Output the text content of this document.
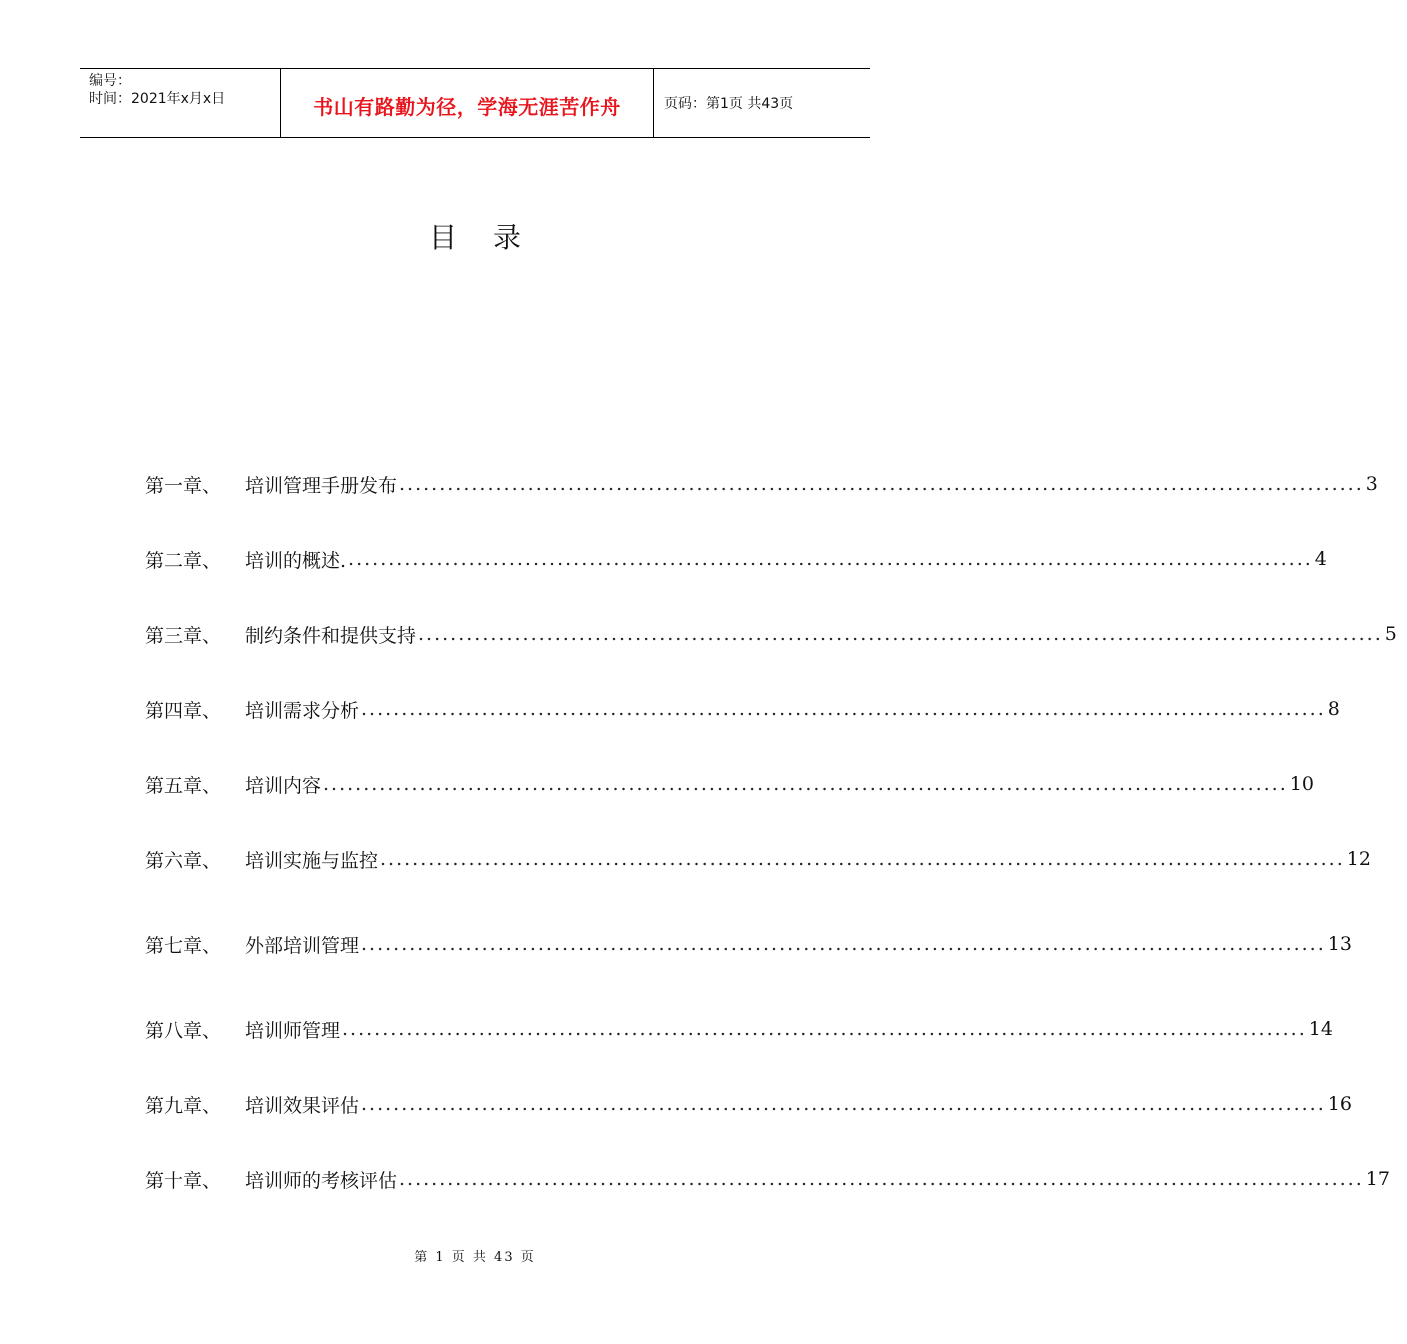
编号：
时间：2021年x月x日	书山有路勤为径，学海无涯苦作舟	页码：第1页 共43页
目录
第一章、	培训管理手册发布 ........................................................................................................................ 3
第二章、	培训的概述. ........................................................................................................................ 4
第三章、	制约条件和提供支持 ........................................................................................................................ 5
第四章、	培训需求分析 ........................................................................................................................ 8
第五章、	培训内容 ........................................................................................................................ 10
第六章、	培训实施与监控 ........................................................................................................................ 12
第七章、	外部培训管理 ........................................................................................................................ 13
第八章、	培训师管理 ........................................................................................................................ 14
第九章、	培训效果评估 ........................................................................................................................ 16
第十章、	培训师的考核评估 ........................................................................................................................ 17
第 1 页 共 43 页
